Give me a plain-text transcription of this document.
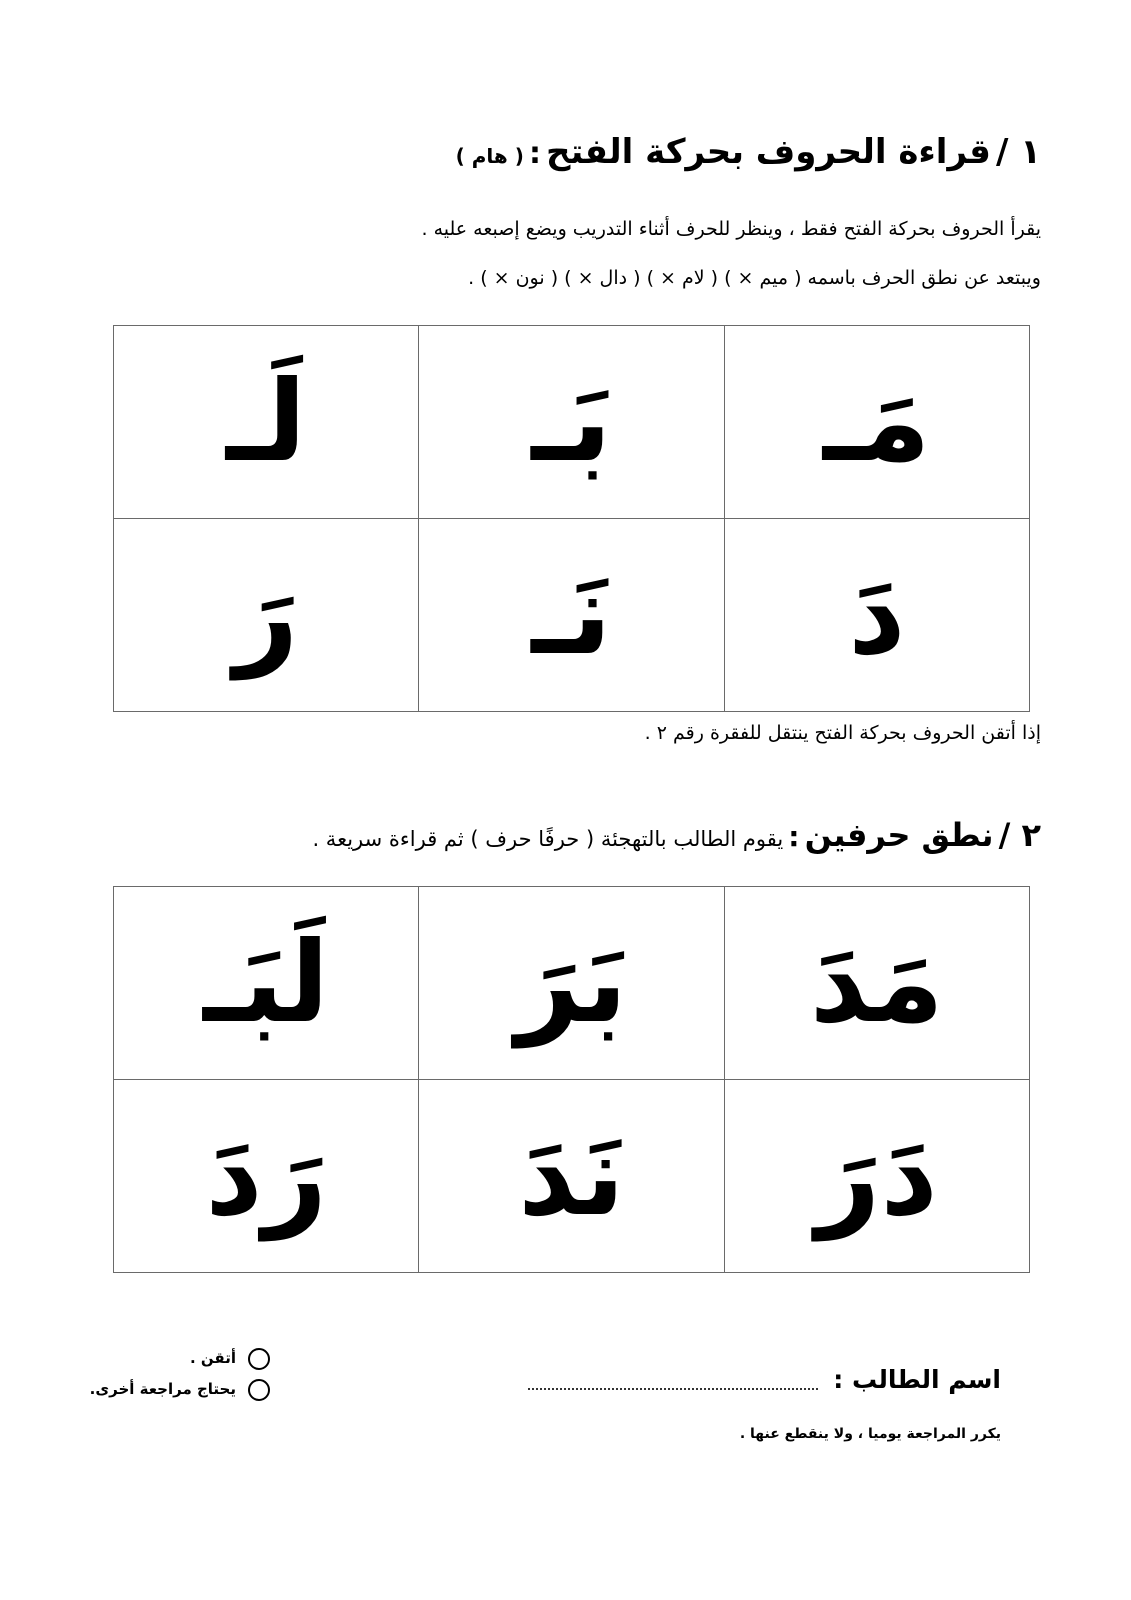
١ / قراءة الحروف بحركة الفتح : ( هام )
يقرأ الحروف بحركة الفتح فقط ، وينظر للحرف أثناء التدريب ويضع إصبعه عليه .
ويبتعد عن نطق الحرف باسمه ( ميم × ) ( لام × ) ( دال × ) ( نون × ) .
لَـ	بَـ	مَـ
رَ	نَـ	دَ
إذا أتقن الحروف بحركة الفتح ينتقل للفقرة رقم ٢ .
٢ / نطق حرفين : يقوم الطالب بالتهجئة ( حرفًا حرف ) ثم قراءة سريعة .
لَبَـ	بَرَ	مَدَ
رَدَ	نَدَ	دَرَ
اسم الطالب :
يكرر المراجعة يوميا ، ولا ينقطع عنها .
أتقن .
يحتاج مراجعة أخرى.
